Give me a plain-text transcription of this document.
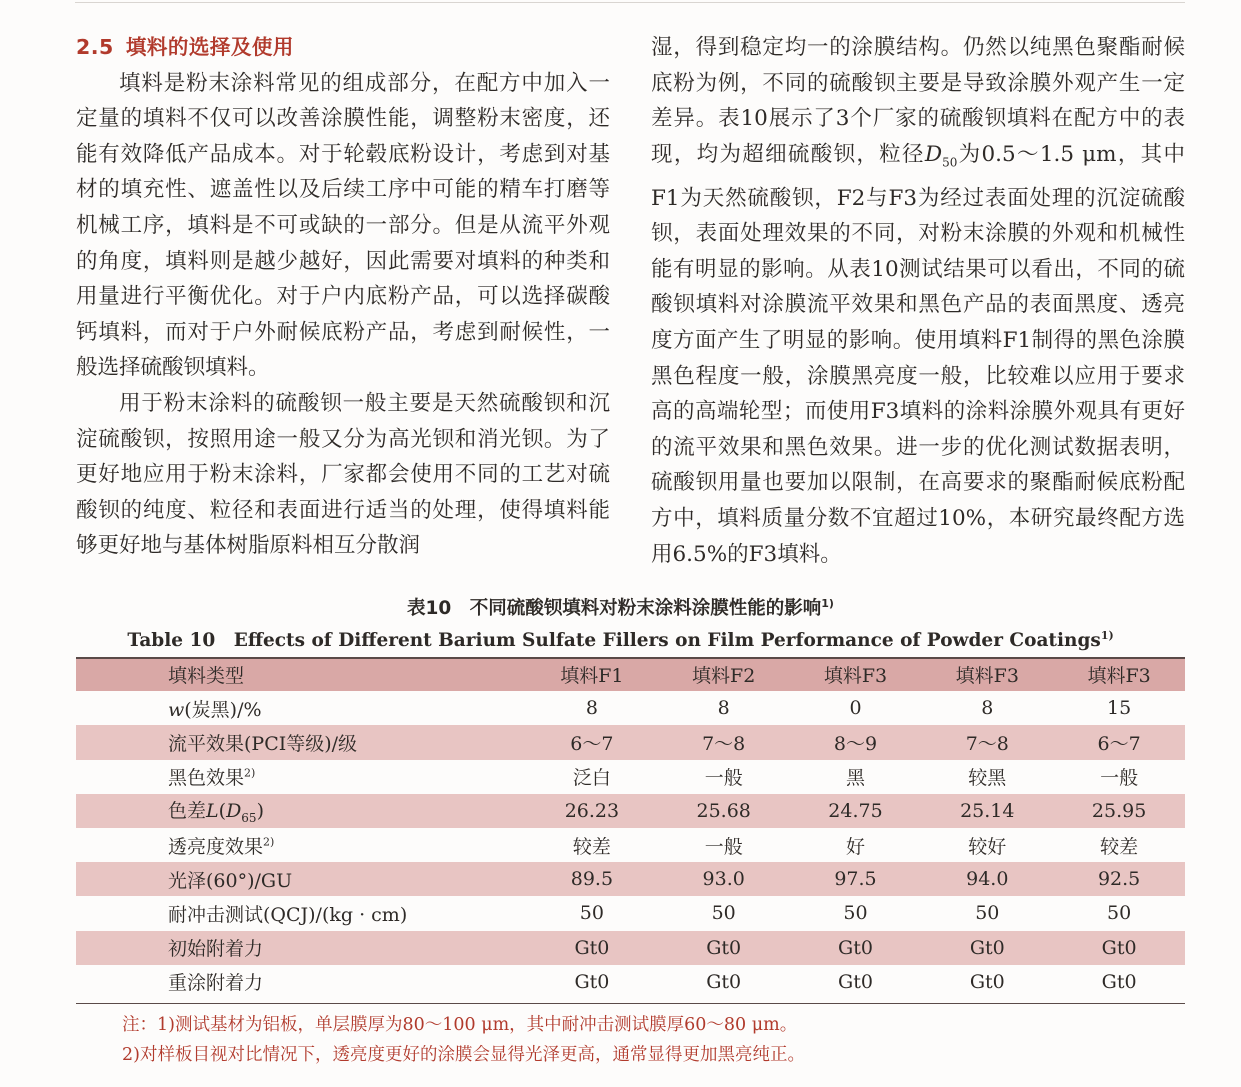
2.5 填料的选择及使用

填料是粉末涂料常见的组成部分，在配方中加入一定量的填料不仅可以改善涂膜性能，调整粉末密度，还能有效降低产品成本。对于轮毂底粉设计，考虑到对基材的填充性、遮盖性以及后续工序中可能的精车打磨等机械工序，填料是不可或缺的一部分。但是从流平外观的角度，填料则是越少越好，因此需要对填料的种类和用量进行平衡优化。对于户内底粉产品，可以选择碳酸钙填料，而对于户外耐候底粉产品，考虑到耐候性，一般选择硫酸钡填料。

用于粉末涂料的硫酸钡一般主要是天然硫酸钡和沉淀硫酸钡，按照用途一般又分为高光钡和消光钡。为了更好地应用于粉末涂料，厂家都会使用不同的工艺对硫酸钡的纯度、粒径和表面进行适当的处理，使得填料能够更好地与基体树脂原料相互分散润

湿，得到稳定均一的涂膜结构。仍然以纯黑色聚酯耐候底粉为例，不同的硫酸钡主要是导致涂膜外观产生一定差异。表10展示了3个厂家的硫酸钡填料在配方中的表现，均为超细硫酸钡，粒径$D_{50}$为0.5～1.5 μm，其中F1为天然硫酸钡，F2与F3为经过表面处理的沉淀硫酸钡，表面处理效果的不同，对粉末涂膜的外观和机械性能有明显的影响。从表10测试结果可以看出，不同的硫酸钡填料对涂膜流平效果和黑色产品的表面黑度、透亮度方面产生了明显的影响。使用填料F1制得的黑色涂膜黑色程度一般，涂膜黑亮度一般，比较难以应用于要求高的高端轮型；而使用F3填料的涂料涂膜外观具有更好的流平效果和黑色效果。进一步的优化测试数据表明，硫酸钡用量也要加以限制，在高要求的聚酯耐候底粉配方中，填料质量分数不宜超过10%，本研究最终配方选用6.5%的F3填料。

表10　不同硫酸钡填料对粉末涂料涂膜性能的影响$^{1)}$
Table 10　Effects of Different Barium Sulfate Fillers on Film Performance of Powder Coatings$^{1)}$
填料类型	填料F1	填料F2	填料F3	填料F3	填料F3
w(炭黑)/%	8	8	0	8	15
流平效果(PCI等级)/级	6～7	7～8	8～9	7～8	6～7
黑色效果$^{2)}$	泛白	一般	黑	较黑	一般
色差$L(D_{65})$	26.23	25.68	24.75	25.14	25.95
透亮度效果$^{2)}$	较差	一般	好	较好	较差
光泽(60°)/GU	89.5	93.0	97.5	94.0	92.5
耐冲击测试(QCJ)/(kg · cm)	50	50	50	50	50
初始附着力	Gt0	Gt0	Gt0	Gt0	Gt0
重涂附着力	Gt0	Gt0	Gt0	Gt0	Gt0
注：1)测试基材为铝板，单层膜厚为80～100 μm，其中耐冲击测试膜厚60～80 μm。
2)对样板目视对比情况下，透亮度更好的涂膜会显得光泽更高，通常显得更加黑亮纯正。
